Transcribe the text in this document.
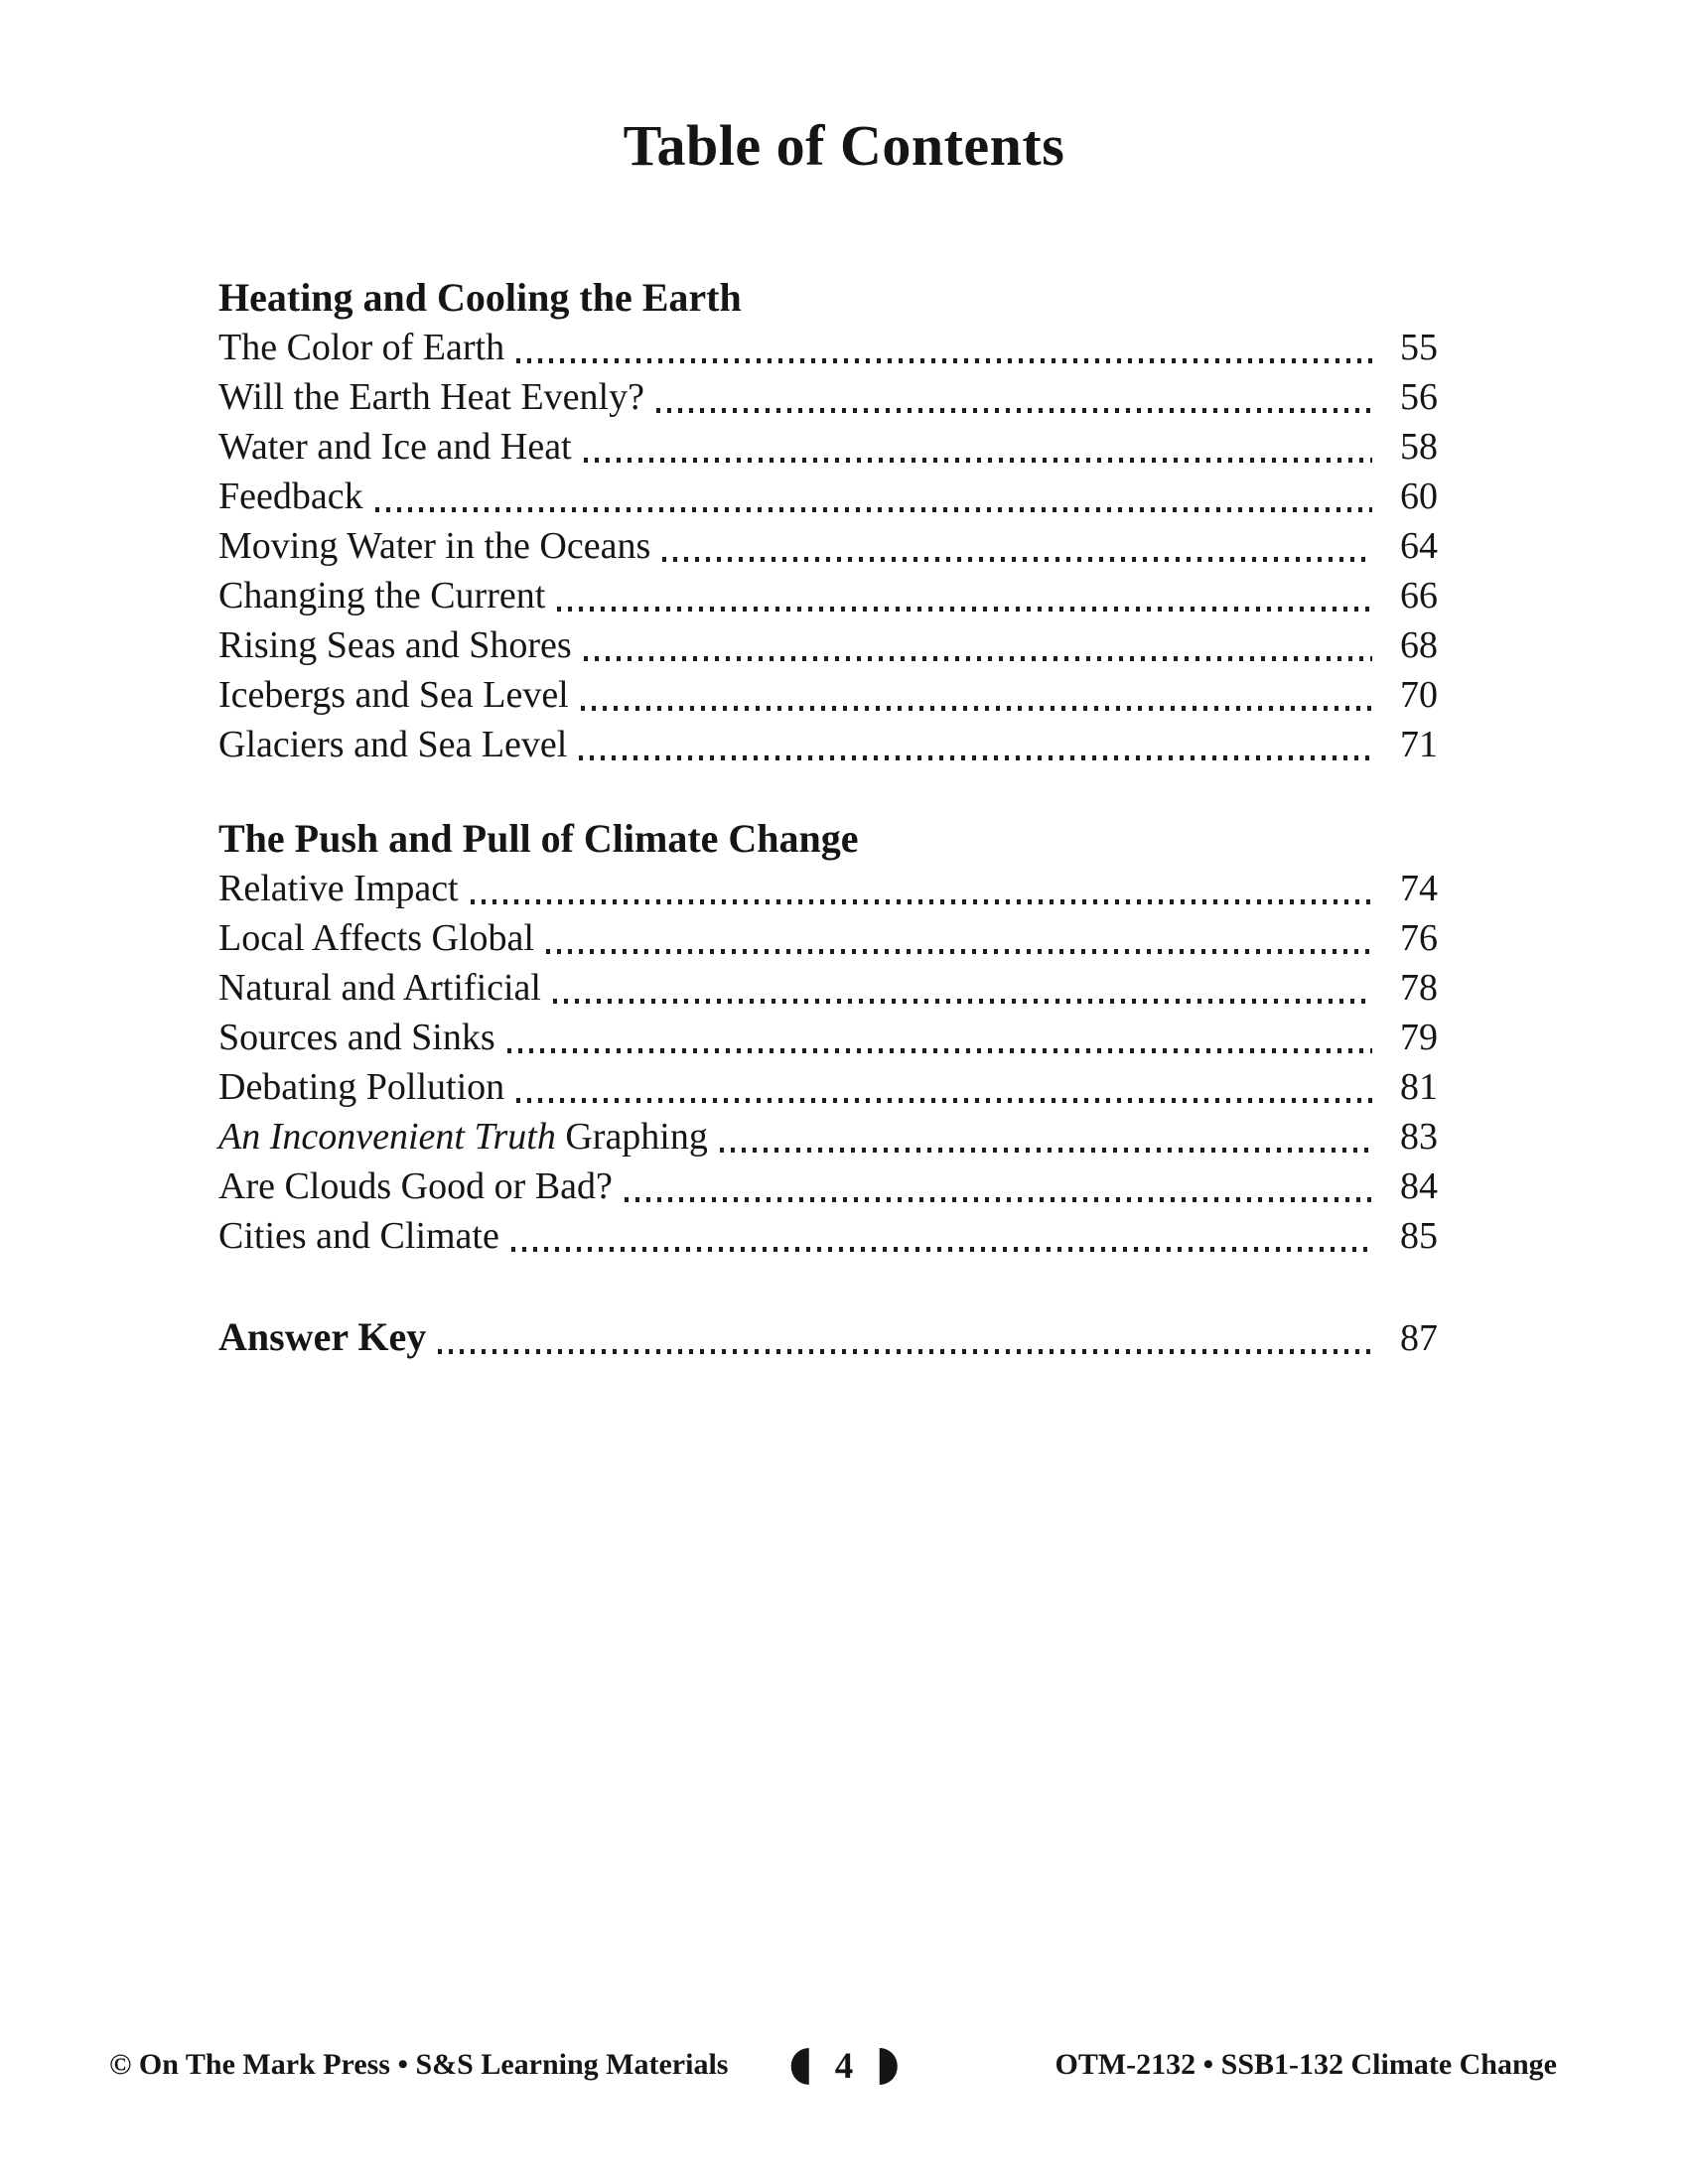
Table of Contents
Heating and Cooling the Earth
The Color of Earth	55
Will the Earth Heat Evenly?	56
Water and Ice and Heat	58
Feedback	60
Moving Water in the Oceans	64
Changing the Current	66
Rising Seas and Shores	68
Icebergs and Sea Level	70
Glaciers and Sea Level	71
The Push and Pull of Climate Change
Relative Impact	74
Local Affects Global	76
Natural and Artificial	78
Sources and Sinks	79
Debating Pollution	81
An Inconvenient Truth Graphing	83
Are Clouds Good or Bad?	84
Cities and Climate	85
Answer Key	87
© On The Mark Press • S&S Learning Materials	OTM-2132 • SSB1-132 Climate Change
4
